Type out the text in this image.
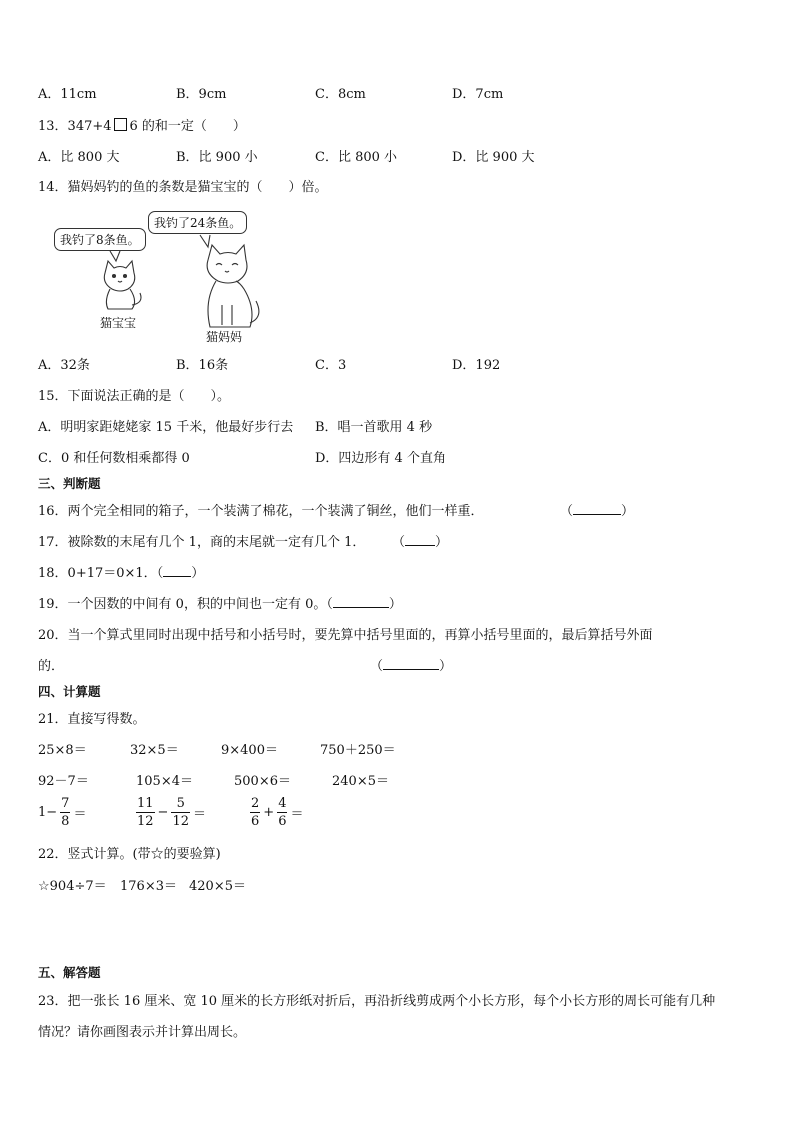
A．11cm	B．9cm	C．8cm	D．7cm
13．347+4 6 的和一定（　　）
A．比 800 大	B．比 900 小	C．比 800 小	D．比 900 大
14．猫妈妈钓的鱼的条数是猫宝宝的（　　）倍。
我钓了8条鱼。
我钓了24条鱼。
猫宝宝
猫妈妈
A．32条	B．16条	C．3	D．192
15．下面说法正确的是（　　）。
A．明明家距姥姥家 15 千米，他最好步行去 B．唱一首歌用 4 秒
C．0 和任何数相乘都得 0	D．四边形有 4 个直角
三、判断题
16．两个完全相同的箱子，一个装满了棉花，一个装满了铜丝，他们一样重．	（	）
17．被除数的末尾有几个 1，商的末尾就一定有几个 1． （ ）
18．0+17＝0×1．（ ）
19．一个因数的中间有 0，积的中间也一定有 0。（	）
20．当一个算式里同时出现中括号和小括号时，要先算中括号里面的，再算小括号里面的，最后算括号外面
的．	（	）
四、计算题
21．直接写得数。
25×8＝	32×5＝	9×400＝	750＋250＝
92－7＝	105×4＝	500×6＝	240×5＝
$1- \frac{7}{8}$ ＝	$\frac{11}{12} - \frac{5}{12}$ ＝	$\frac{2}{6} + \frac{4}{6}$ ＝
22．竖式计算。(带☆的要验算)
☆904÷7＝ 176×3＝ 420×5＝
五、解答题
23．把一张长 16 厘米、宽 10 厘米的长方形纸对折后，再沿折线剪成两个小长方形，每个小长方形的周长可能有几种
情况？请你画图表示并计算出周长。
